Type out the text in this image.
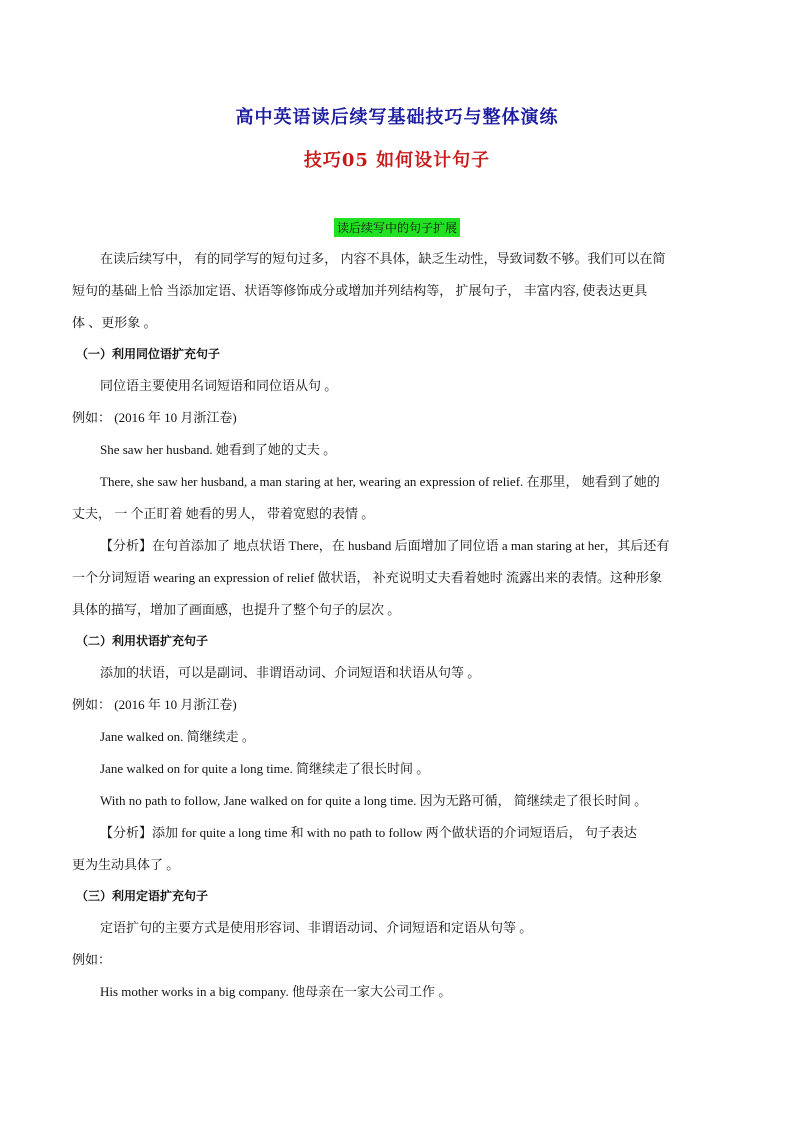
高中英语读后续写基础技巧与整体演练
技巧05 如何设计句子
读后续写中的句子扩展
在读后续写中， 有的同学写的短句过多， 内容不具体，缺乏生动性，导致词数不够。我们可以在简
短句的基础上恰 当添加定语、状语等修饰成分或增加并列结构等， 扩展句子， 丰富内容, 使表达更具
体 、更形象 。
（一）利用同位语扩充句子
同位语主要使用名词短语和同位语从句 。
例如： (2016 年 10 月浙江卷)
She saw her husband. 她看到了她的丈夫 。
There, she saw her husband, a man staring at her, wearing an expression of relief. 在那里， 她看到了她的
丈夫， 一 个正盯着 她看的男人， 带着宽慰的表情 。
【分析】在句首添加了 地点状语 There，在 husband 后面增加了同位语 a man staring at her，其后还有
一个分词短语 wearing an expression of relief 做状语， 补充说明丈夫看着她时 流露出来的表情。这种形象
具体的描写，增加了画面感，也提升了整个句子的层次 。
（二）利用状语扩充句子
添加的状语，可以是副词、非谓语动词、介词短语和状语从句等 。
例如： (2016 年 10 月浙江卷)
Jane walked on. 简继续走 。
Jane walked on for quite a long time. 简继续走了很长时间 。
With no path to follow, Jane walked on for quite a long time. 因为无路可循， 简继续走了很长时间 。
【分析】添加 for quite a long time 和 with no path to follow 两个做状语的介词短语后， 句子表达
更为生动具体了 。
（三）利用定语扩充句子
定语扩句的主要方式是使用形容词、非谓语动词、介词短语和定语从句等 。
例如：
His mother works in a big company. 他母亲在一家大公司工作 。
